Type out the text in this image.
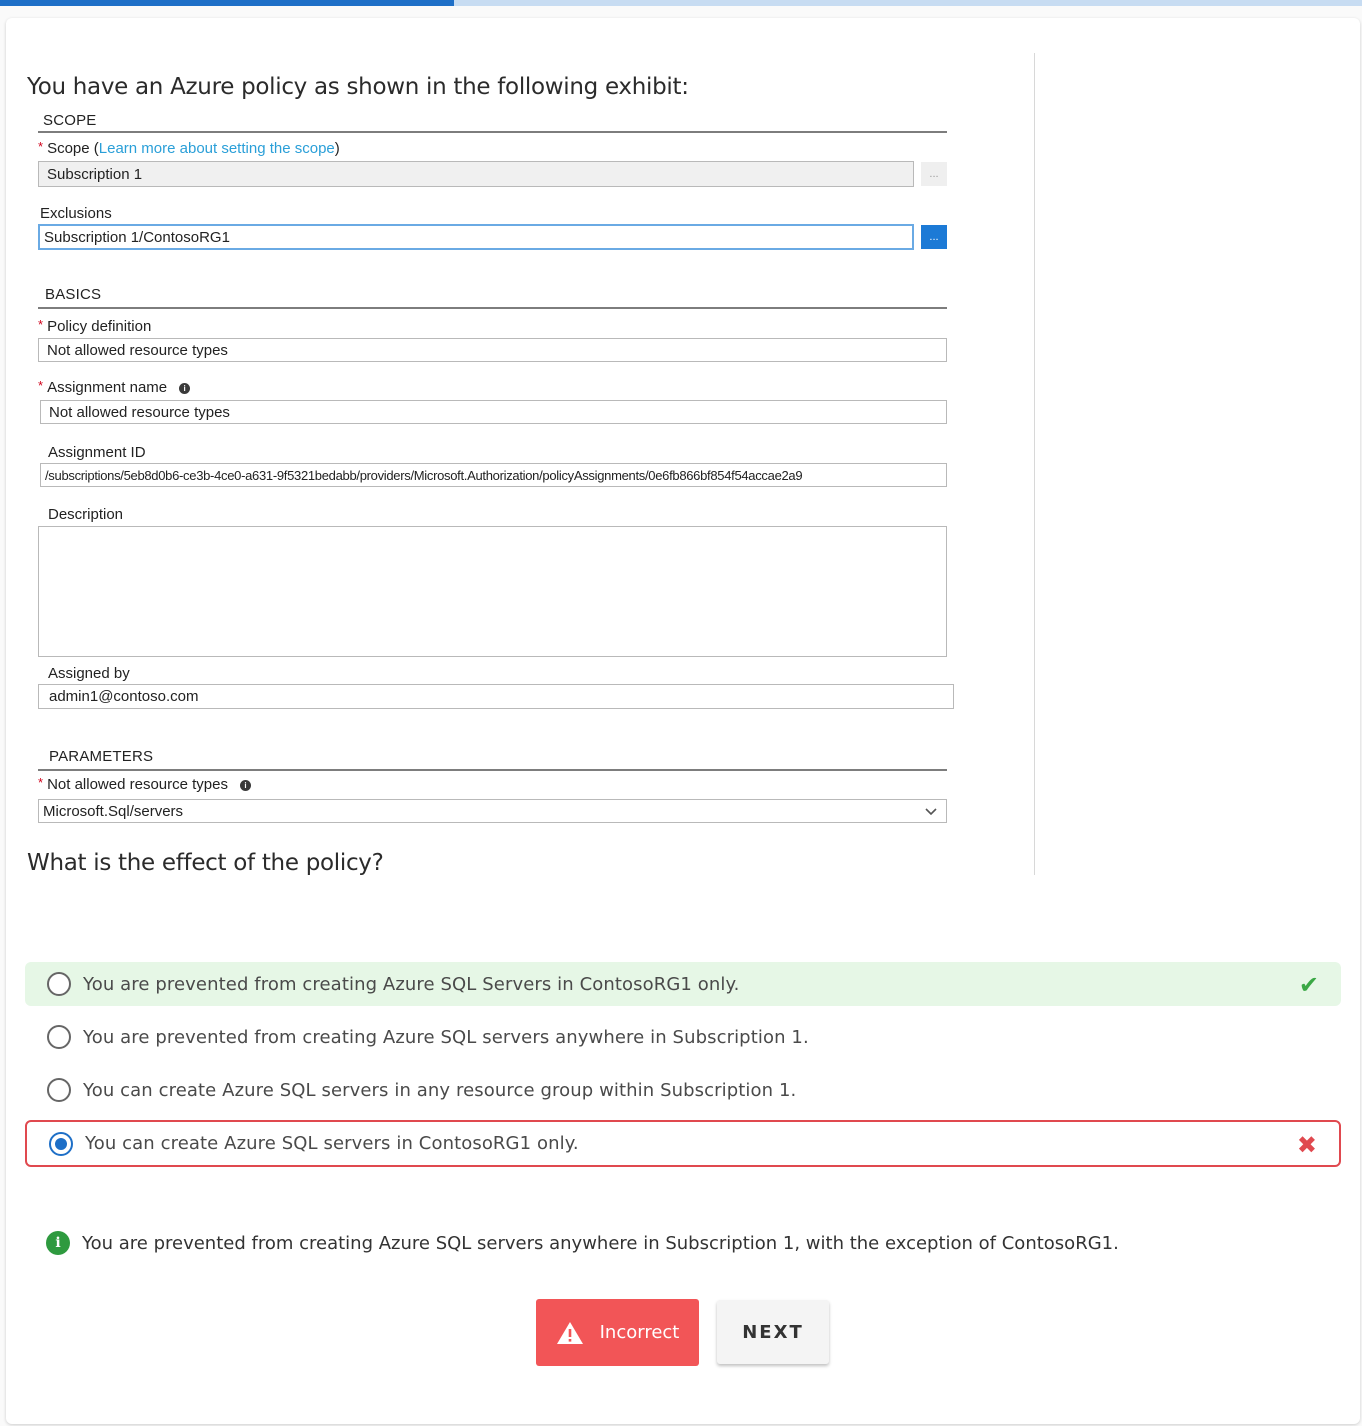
You have an Azure policy as shown in the following exhibit:
SCOPE
* Scope (Learn more about setting the scope)
Subscription 1	...
Exclusions
Subscription 1/ContosoRG1	...
BASICS
* Policy definition
Not allowed resource types
* Assignment name i
Not allowed resource types
Assignment ID
/subscriptions/5eb8d0b6-ce3b-4ce0-a631-9f5321bedabb/providers/Microsoft.Authorization/policyAssignments/0e6fb866bf854f54accae2a9
Description
Assigned by
admin1@contoso.com
PARAMETERS
* Not allowed resource types i
Microsoft.Sql/servers
What is the effect of the policy?
You are prevented from creating Azure SQL Servers in ContosoRG1 only.	✔
You are prevented from creating Azure SQL servers anywhere in Subscription 1.
You can create Azure SQL servers in any resource group within Subscription 1.
You can create Azure SQL servers in ContosoRG1 only.	✖
i	You are prevented from creating Azure SQL servers anywhere in Subscription 1, with the exception of ContosoRG1.
Incorrect	NEXT
